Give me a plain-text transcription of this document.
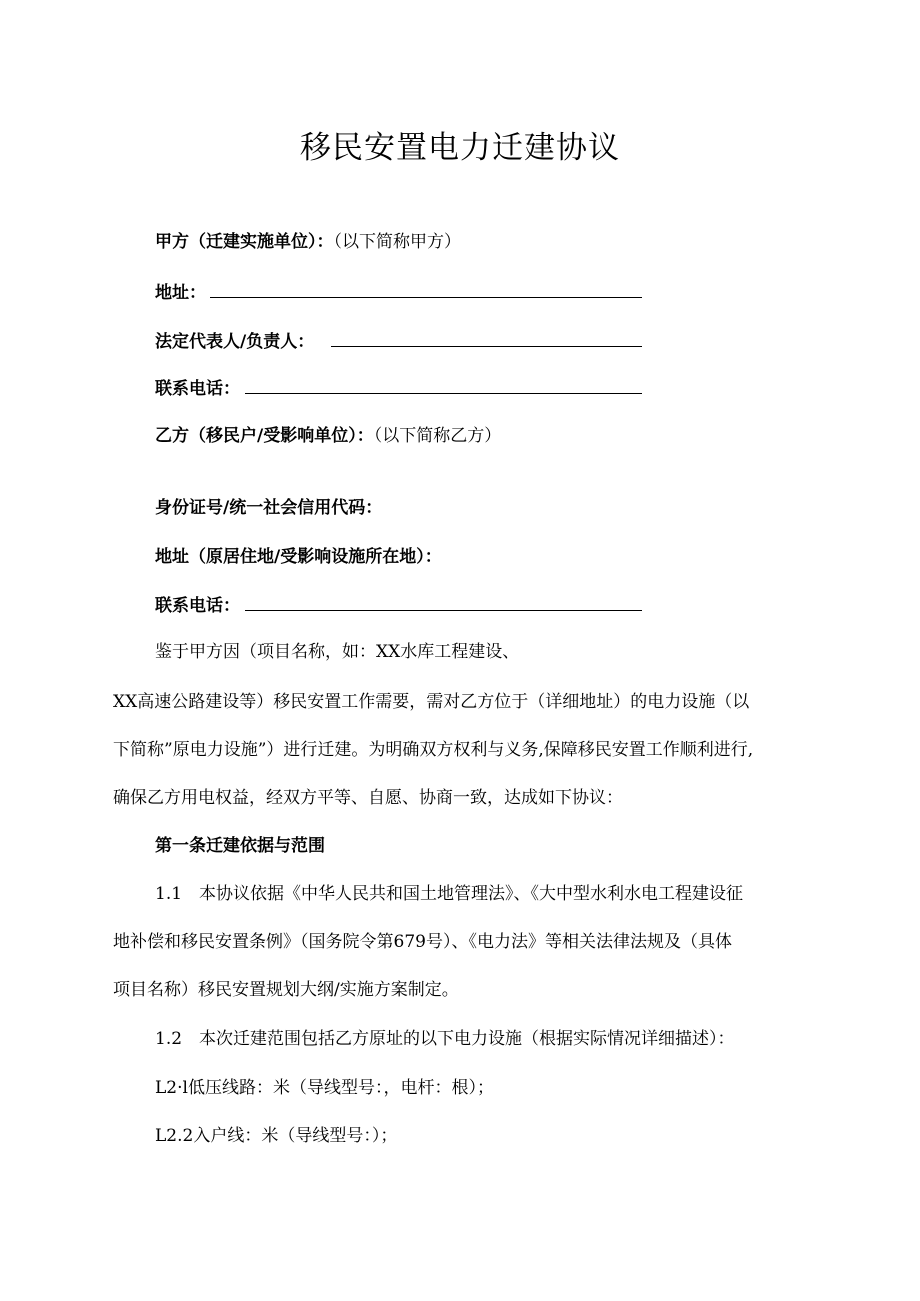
移民安置电力迁建协议
甲方（迁建实施单位）：（以下简称甲方）
地址：
法定代表人/负责人：
联系电话：
乙方（移民户/受影响单位）：（以下简称乙方）
身份证号/统一社会信用代码：
地址（原居住地/受影响设施所在地）：
联系电话：
鉴于甲方因（项目名称，如：XX水库工程建设、
XX高速公路建设等）移民安置工作需要，需对乙方位于（详细地址）的电力设施（以
下简称”原电力设施”）进行迁建。为明确双方权利与义务,保障移民安置工作顺利进行,
确保乙方用电权益，经双方平等、自愿、协商一致，达成如下协议：
第一条迁建依据与范围
1.1　本协议依据《中华人民共和国土地管理法》、《大中型水利水电工程建设征
地补偿和移民安置条例》（国务院令第679号）、《电力法》等相关法律法规及（具体
项目名称）移民安置规划大纲/实施方案制定。
1.2　本次迁建范围包括乙方原址的以下电力设施（根据实际情况详细描述）：
L2·l低压线路：米（导线型号：，电杆：根）；
L2.2入户线：米（导线型号：）；
